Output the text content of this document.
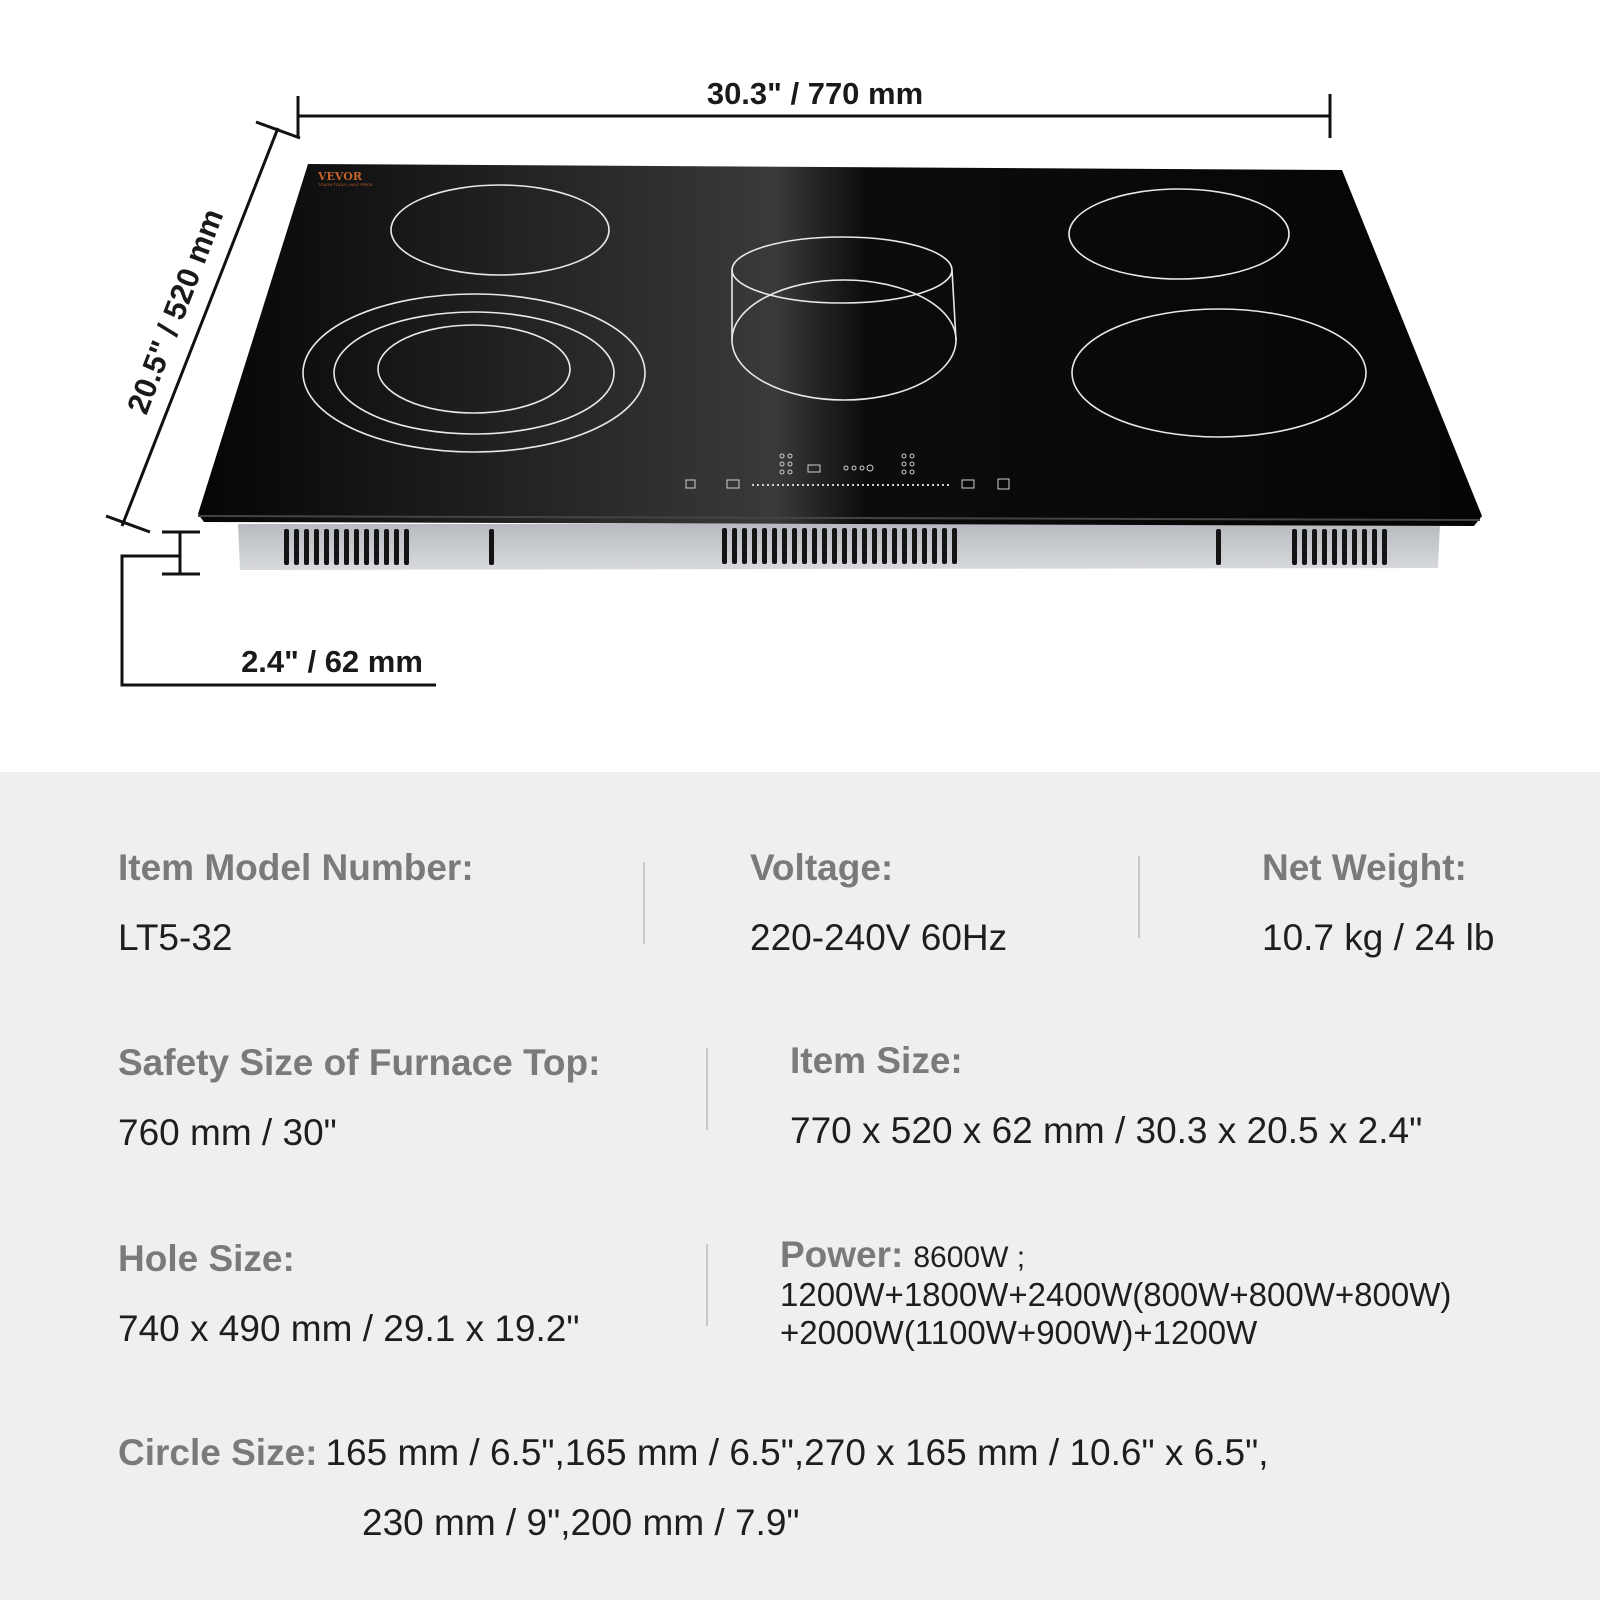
30.3" / 770 mm
20.5" / 520 mm
2.4" / 62 mm
VEVOR
TOUGH TOOLS, HALF PRICE
Item Model Number:
LT5-32
Voltage:
220-240V 60Hz
Net Weight:
10.7 kg / 24 lb
Safety Size of Furnace Top:
760 mm / 30"
Item Size:
770 x 520 x 62 mm / 30.3 x 20.5 x 2.4"
Hole Size:
740 x 490 mm / 29.1 x 19.2"
Power: 8600W ;
1200W+1800W+2400W(800W+800W+800W)
+2000W(1100W+900W)+1200W
Circle Size: 165 mm / 6.5",165 mm / 6.5",270 x 165 mm / 10.6" x 6.5",
230 mm / 9",200 mm / 7.9"
